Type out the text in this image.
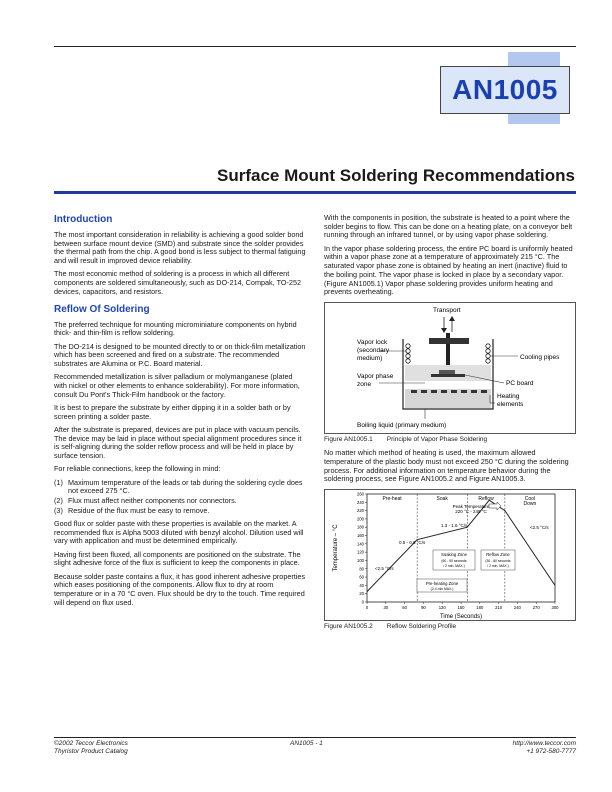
AN1005
Surface Mount Soldering Recommendations
Introduction

The most important consideration in reliability is achieving a good solder bond between surface mount device (SMD) and substrate since the solder provides the thermal path from the chip. A good bond is less subject to thermal fatiguing and will result in improved device reliability.

The most economic method of soldering is a process in which all different components are soldered simultaneously, such as DO-214, Compak, TO-252 devices, capacitors, and resistors.

Reflow Of Soldering

The preferred technique for mounting microminiature components on hybrid thick- and thin-film is reflow soldering.

The DO-214 is designed to be mounted directly to or on thick-film metallization which has been screened and fired on a substrate. The recommended substrates are Alumina or P.C. Board material.

Recommended metallization is silver palladium or molymanganese (plated with nickel or other elements to enhance solderability). For more information, consult Du Pont's Thick-Film handbook or the factory.

It is best to prepare the substrate by either dipping it in a solder bath or by screen printing a solder paste.

After the substrate is prepared, devices are put in place with vacuum pencils. The device may be laid in place without special alignment procedures since it is self-aligning during the solder reflow process and will be held in place by surface tension.

For reliable connections, keep the following in mind:

(1) Maximum temperature of the leads or tab during the soldering cycle does not exceed 275 °C.
(2) Flux must affect neither components nor connectors.
(3) Residue of the flux must be easy to remove.

Good flux or solder paste with these properties is available on the market. A recommended flux is Alpha 5003 diluted with benzyl alcohol. Dilution used will vary with application and must be determined empirically.

Having first been fluxed, all components are positioned on the substrate. The slight adhesive force of the flux is sufficient to keep the components in place.

Because solder paste contains a flux, it has good inherent adhesive properties which eases positioning of the components. Allow flux to dry at room temperature or in a 70 °C oven. Flux should be dry to the touch. Time required will depend on flux used.

With the components in position, the substrate is heated to a point where the solder begins to flow. This can be done on a heating plate, on a conveyor belt running through an infrared tunnel, or by using vapor phase soldering.

In the vapor phase soldering process, the entire PC board is uniformly heated within a vapor phase zone at a temperature of approximately 215 °C. The saturated vapor phase zone is obtained by heating an inert (inactive) fluid to the boiling point. The vapor phase is locked in place by a secondary vapor. (Figure AN1005.1) Vapor phase soldering provides uniform heating and prevents overheating.

Transport
Vapor lock
(secondary
medium)
Vapor phase
zone
Cooling pipes
PC board
Heating
elements
Boiling liquid (primary medium)
Figure AN1005.1 Principle of Vapor Phase Soldering

No matter which method of heating is used, the maximum allowed temperature of the plastic body must not exceed 250 °C during the soldering process. For additional information on temperature behavior during the soldering process, see Figure AN1005.2 and Figure AN1005.3.

Pre-heat	Soak	Reflow	Cool
Down
0	30	60	90	120	150	180	210	240	270	300
0
20
40
60
80
100
120
140
160
180
200
220
240
260
Time (Seconds)
Temperature – °C
Peak Temperature
220 °C - 245 °C
1.3 - 1.6 °C/s
0.5 - 0.6 °C/s
<2.5 °C/s
<2.5 °C/s
Soaking Zone
(60 - 90 seconds
/ 2 min. MAX.)
Reflow Zone
(30 - 60 seconds
/ 2 min. MAX.)
Pre-heating Zone
(2-4 min MAX.)
Figure AN1005.2 Reflow Soldering Profile
©2002 Teccor Electronics
Thyristor Product Catalog
AN1005 - 1	http://www.teccor.com
+1 972-580-7777
